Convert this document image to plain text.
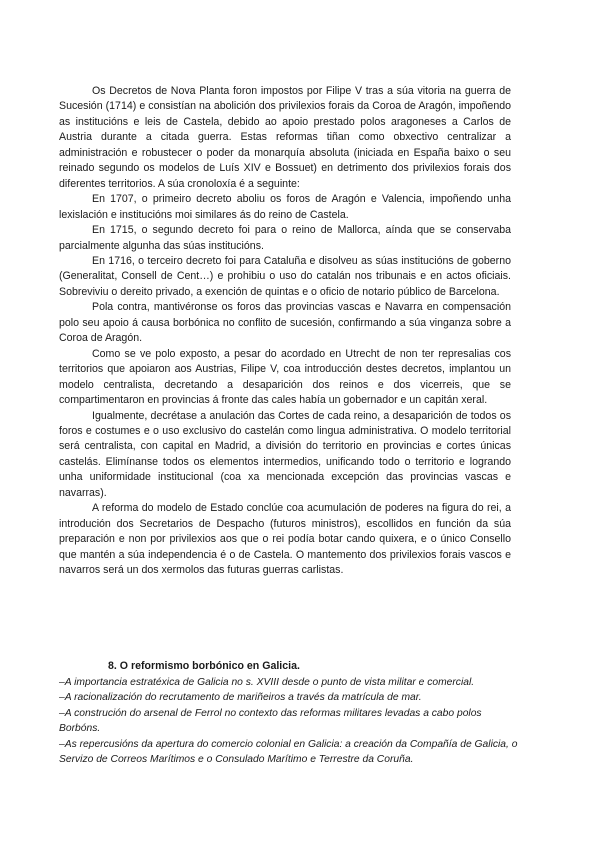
Os Decretos de Nova Planta foron impostos por Filipe V tras a súa vitoria na guerra de Sucesión (1714) e consistían na abolición dos privilexios forais da Coroa de Aragón, impoñendo as institucións e leis de Castela, debido ao apoio prestado polos aragoneses a Carlos de Austria durante a citada guerra. Estas reformas tiñan como obxectivo centralizar a administración e robustecer o poder da monarquía absoluta (iniciada en España baixo o seu reinado segundo os modelos de Luís XIV e Bossuet) en detrimento dos privilexios forais dos diferentes territorios. A súa cronoloxía é a seguinte:

En 1707, o primeiro decreto aboliu os foros de Aragón e Valencia, impoñendo unha lexislación e institucións moi similares ás do reino de Castela.

En 1715, o segundo decreto foi para o reino de Mallorca, aínda que se conservaba parcialmente algunha das súas institucións.

En 1716, o terceiro decreto foi para Cataluña e disolveu as súas institucións de goberno (Generalitat, Consell de Cent…) e prohibiu o uso do catalán nos tribunais e en actos oficiais. Sobreviviu o dereito privado, a exención de quintas e o oficio de notario público de Barcelona.

Pola contra, mantivéronse os foros das provincias vascas e Navarra en compensación polo seu apoio á causa borbónica no conflito de sucesión, confirmando a súa vinganza sobre a Coroa de Aragón.

Como se ve polo exposto, a pesar do acordado en Utrecht de non ter represalias cos territorios que apoiaron aos Austrias, Filipe V, coa introducción destes decretos, implantou un modelo centralista, decretando a desaparición dos reinos e dos vicerreis, que se compartimentaron en provincias á fronte das cales había un gobernador e un capitán xeral.

Igualmente, decrétase a anulación das Cortes de cada reino, a desaparición de todos os foros e costumes e o uso exclusivo do castelán como lingua administrativa. O modelo territorial será centralista, con capital en Madrid, a división do territorio en provincias e cortes únicas castelás. Elimínanse todos os elementos intermedios, unificando todo o territorio e logrando unha uniformidade institucional (coa xa mencionada excepción das provincias vascas e navarras).

A reforma do modelo de Estado conclúe coa acumulación de poderes na figura do rei, a introdución dos Secretarios de Despacho (futuros ministros), escollidos en función da súa preparación e non por privilexios aos que o rei podía botar cando quixera, e o único Consello que mantén a súa independencia é o de Castela. O mantemento dos privilexios forais vascos e navarros será un dos xermolos das futuras guerras carlistas.

8. O reformismo borbónico en Galicia.
–A importancia estratéxica de Galicia no s. XVIII desde o punto de vista militar e comercial.
–A racionalización do recrutamento de mariñeiros a través da matrícula de mar.
–A construción do arsenal de Ferrol no contexto das reformas militares levadas a cabo polos Borbóns.
–As repercusións da apertura do comercio colonial en Galicia: a creación da Compañía de Galicia, o Servizo de Correos Marítimos e o Consulado Marítimo e Terrestre da Coruña.
